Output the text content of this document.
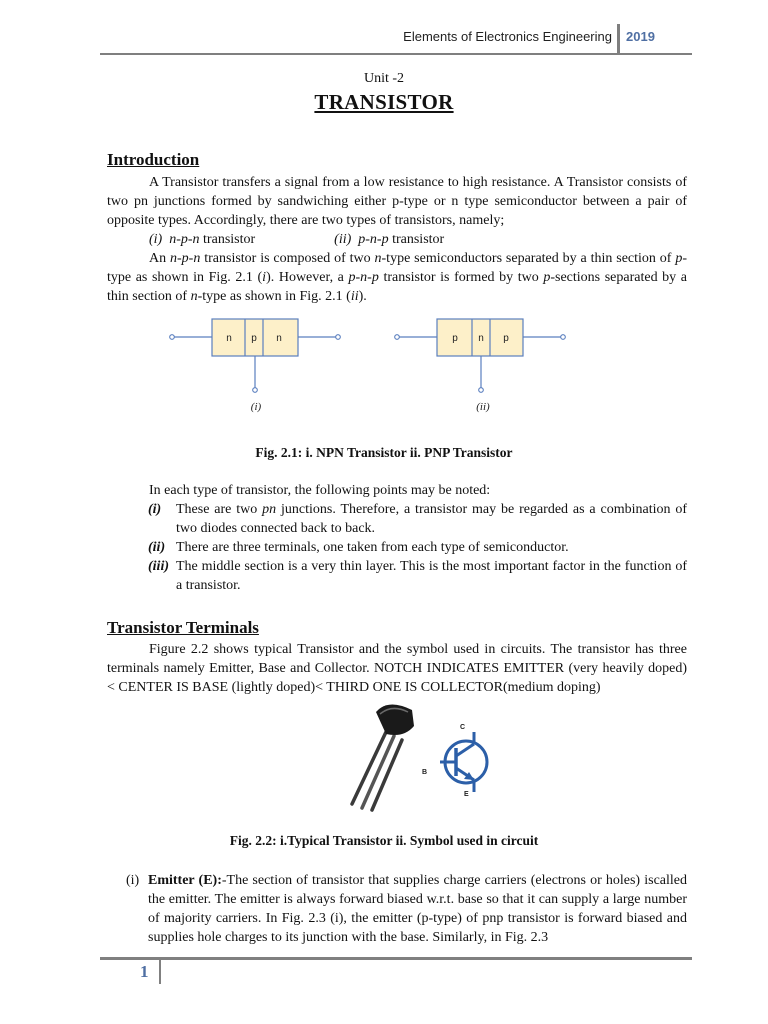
Elements of Electronics Engineering 2019
Unit -2
TRANSISTOR
Introduction

A Transistor transfers a signal from a low resistance to high resistance. A Transistor consists of two pn junctions formed by sandwiching either p-type or n type semiconductor between a pair of opposite types. Accordingly, there are two types of transistors, namely;

(i) n-p-n transistor	(ii) p-n-p transistor

An n-p-n transistor is composed of two n-type semiconductors separated by a thin section of p-type as shown in Fig. 2.1 (i). However, a p-n-p transistor is formed by two p-sections separated by a thin section of n-type as shown in Fig. 2.1 (ii).

n p n
(i)
p n p
(ii)
Fig. 2.1: i. NPN Transistor ii. PNP Transistor
In each type of transistor, the following points may be noted:
(i)	These are two pn junctions. Therefore, a transistor may be regarded as a combination of two diodes connected back to back.
(ii) There are three terminals, one taken from each type of semiconductor.
(iii) The middle section is a very thin layer. This is the most important factor in the function of a transistor.
Transistor Terminals

Figure 2.2 shows typical Transistor and the symbol used in circuits. The transistor has three terminals namely Emitter, Base and Collector. NOTCH INDICATES EMITTER (very heavily doped) < CENTER IS BASE (lightly doped)< THIRD ONE IS COLLECTOR(medium doping)

C
B
E
Fig. 2.2: i.Typical Transistor ii. Symbol used in circuit
(i) Emitter (E):-The section of transistor that supplies charge carriers (electrons or holes) iscalled the emitter. The emitter is always forward biased w.r.t. base so that it can supply a large number of majority carriers. In Fig. 2.3 (i), the emitter (p-type) of pnp transistor is forward biased and supplies hole charges to its junction with the base. Similarly, in Fig. 2.3
1
